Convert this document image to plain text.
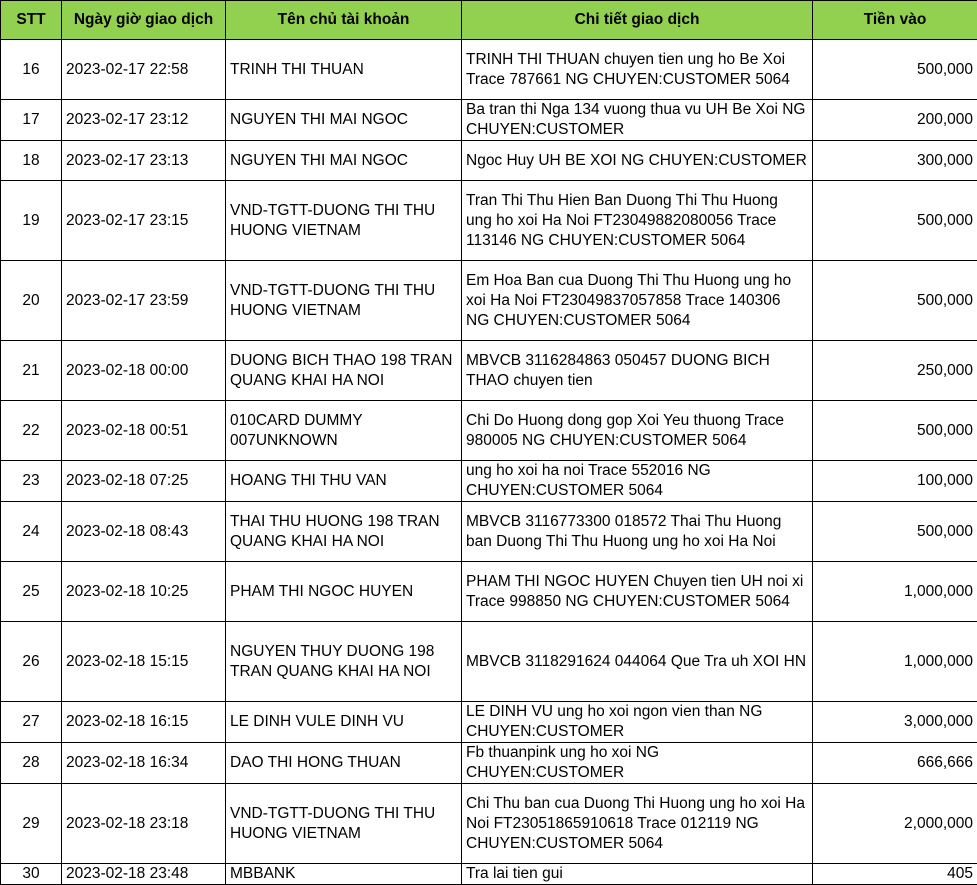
STT	Ngày giờ giao dịch	Tên chủ tài khoản	Chi tiết giao dịch	Tiền vào
16	2023-02-17 22:58	TRINH THI THUAN	TRINH THI THUAN chuyen tien ung ho Be Xoi Trace 787661 NG CHUYEN:CUSTOMER 5064	500,000
17	2023-02-17 23:12	NGUYEN THI MAI NGOC	Ba tran thi Nga 134 vuong thua vu UH Be Xoi NG CHUYEN:CUSTOMER	200,000
18	2023-02-17 23:13	NGUYEN THI MAI NGOC	Ngoc Huy UH BE XOI NG CHUYEN:CUSTOMER	300,000
19	2023-02-17 23:15	VND-TGTT-DUONG THI THU HUONG VIETNAM	Tran Thi Thu Hien Ban Duong Thi Thu Huong ung ho xoi Ha Noi FT23049882080056 Trace 113146 NG CHUYEN:CUSTOMER 5064	500,000
20	2023-02-17 23:59	VND-TGTT-DUONG THI THU HUONG VIETNAM	Em Hoa Ban cua Duong Thi Thu Huong ung ho xoi Ha Noi FT23049837057858 Trace 140306 NG CHUYEN:CUSTOMER 5064	500,000
21	2023-02-18 00:00	DUONG BICH THAO 198 TRAN QUANG KHAI HA NOI	MBVCB 3116284863 050457 DUONG BICH THAO chuyen tien	250,000
22	2023-02-18 00:51	010CARD DUMMY 007UNKNOWN	Chi Do Huong dong gop Xoi Yeu thuong Trace 980005 NG CHUYEN:CUSTOMER 5064	500,000
23	2023-02-18 07:25	HOANG THI THU VAN	ung ho xoi ha noi Trace 552016 NG CHUYEN:CUSTOMER 5064	100,000
24	2023-02-18 08:43	THAI THU HUONG 198 TRAN QUANG KHAI HA NOI	MBVCB 3116773300 018572 Thai Thu Huong ban Duong Thi Thu Huong ung ho xoi Ha Noi	500,000
25	2023-02-18 10:25	PHAM THI NGOC HUYEN	PHAM THI NGOC HUYEN Chuyen tien UH noi xi Trace 998850 NG CHUYEN:CUSTOMER 5064	1,000,000
26	2023-02-18 15:15	NGUYEN THUY DUONG 198 TRAN QUANG KHAI HA NOI	MBVCB 3118291624 044064 Que Tra uh XOI HN	1,000,000
27	2023-02-18 16:15	LE DINH VULE DINH VU	LE DINH VU ung ho xoi ngon vien than NG CHUYEN:CUSTOMER	3,000,000
28	2023-02-18 16:34	DAO THI HONG THUAN	Fb thuanpink ung ho xoi NG CHUYEN:CUSTOMER	666,666
29	2023-02-18 23:18	VND-TGTT-DUONG THI THU HUONG VIETNAM	Chi Thu ban cua Duong Thi Huong ung ho xoi Ha Noi FT23051865910618 Trace 012119 NG CHUYEN:CUSTOMER 5064	2,000,000
30	2023-02-18 23:48	MBBANK	Tra lai tien gui	405
